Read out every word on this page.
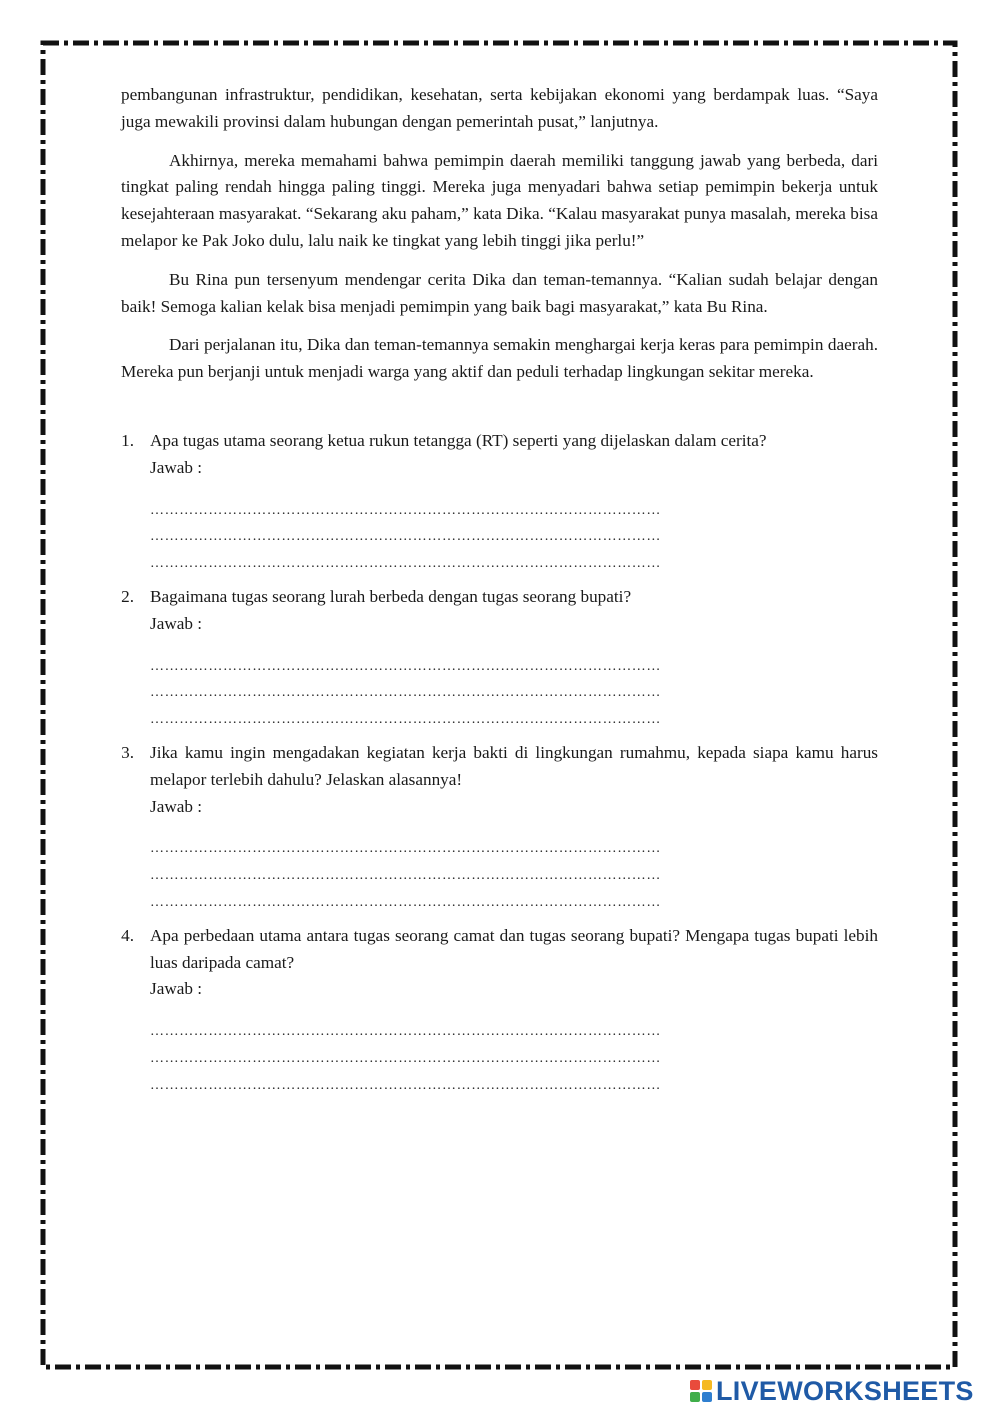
pembangunan infrastruktur, pendidikan, kesehatan, serta kebijakan ekonomi yang berdampak luas. “Saya juga mewakili provinsi dalam hubungan dengan pemerintah pusat,” lanjutnya.

Akhirnya, mereka memahami bahwa pemimpin daerah memiliki tanggung jawab yang berbeda, dari tingkat paling rendah hingga paling tinggi. Mereka juga menyadari bahwa setiap pemimpin bekerja untuk kesejahteraan masyarakat. “Sekarang aku paham,” kata Dika. “Kalau masyarakat punya masalah, mereka bisa melapor ke Pak Joko dulu, lalu naik ke tingkat yang lebih tinggi jika perlu!”

Bu Rina pun tersenyum mendengar cerita Dika dan teman-temannya. “Kalian sudah belajar dengan baik! Semoga kalian kelak bisa menjadi pemimpin yang baik bagi masyarakat,” kata Bu Rina.

Dari perjalanan itu, Dika dan teman-temannya semakin menghargai kerja keras para pemimpin daerah. Mereka pun berjanji untuk menjadi warga yang aktif dan peduli terhadap lingkungan sekitar mereka.

1. Apa tugas utama seorang ketua rukun tetangga (RT) seperti yang dijelaskan dalam cerita?
Jawab :
……………………………………………………………………………………………
……………………………………………………………………………………………
……………………………………………………………………………………………
2. Bagaimana tugas seorang lurah berbeda dengan tugas seorang bupati?
Jawab :
……………………………………………………………………………………………
……………………………………………………………………………………………
……………………………………………………………………………………………
3. Jika kamu ingin mengadakan kegiatan kerja bakti di lingkungan rumahmu, kepada siapa kamu harus melapor terlebih dahulu? Jelaskan alasannya!
Jawab :
……………………………………………………………………………………………
……………………………………………………………………………………………
……………………………………………………………………………………………
4. Apa perbedaan utama antara tugas seorang camat dan tugas seorang bupati? Mengapa tugas bupati lebih luas daripada camat?
Jawab :
……………………………………………………………………………………………
……………………………………………………………………………………………
……………………………………………………………………………………………
LIVEWORKSHEETS
